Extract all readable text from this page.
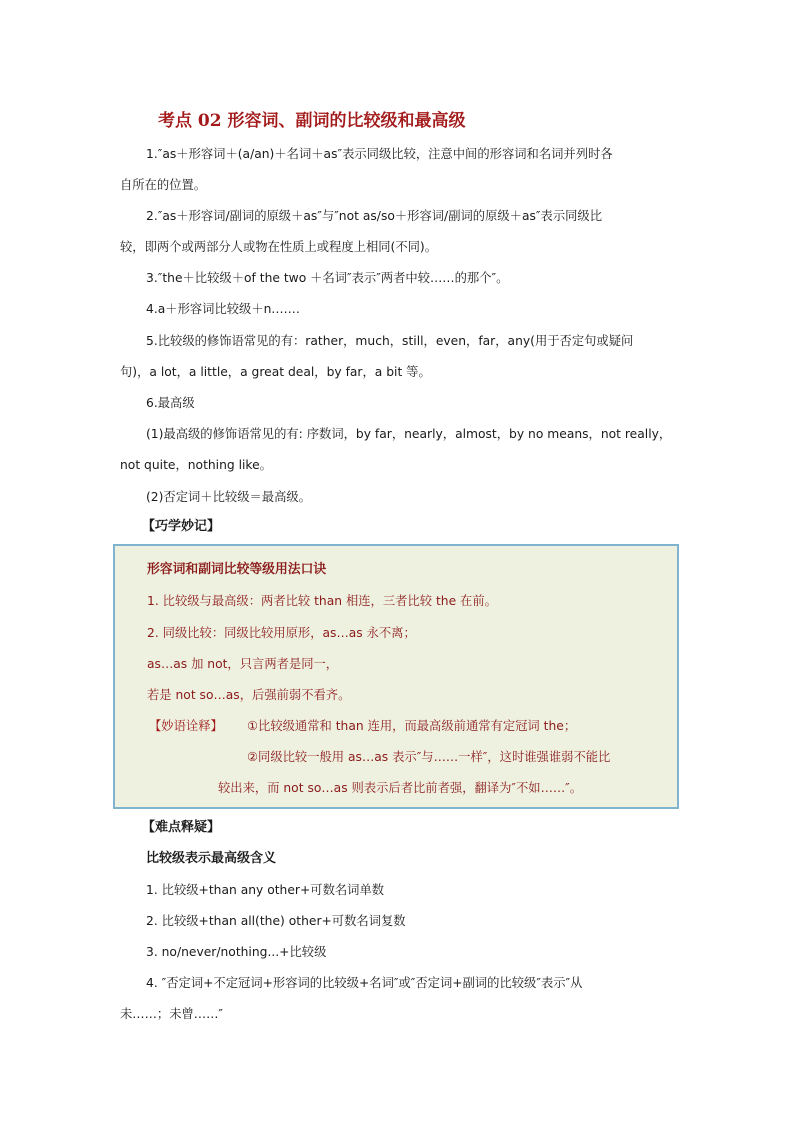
考点 02 形容词、副词的比较级和最高级
1.″as＋形容词＋(a/an)＋名词＋as″表示同级比较，注意中间的形容词和名词并列时各
自所在的位置。
2.″as＋形容词/副词的原级＋as″与″not as/so＋形容词/副词的原级＋as″表示同级比
较，即两个或两部分人或物在性质上或程度上相同(不同)。
3.″the＋比较级＋of the two ＋名词″表示″两者中较……的那个″。
4.a＋形容词比较级＋n.……
5.比较级的修饰语常见的有：rather，much，still，even，far，any(用于否定句或疑问
句)，a lot，a little，a great deal，by far，a bit 等。
6.最高级
(1)最高级的修饰语常见的有: 序数词，by far，nearly，almost，by no means，not really，
not quite，nothing like。
(2)否定词＋比较级＝最高级。
【巧学妙记】
形容词和副词比较等级用法口诀
1. 比较级与最高级：两者比较 than 相连，三者比较 the 在前。
2. 同级比较：同级比较用原形，as…as 永不离；
as…as 加 not，只言两者是同一，
若是 not so…as，后强前弱不看齐。
【妙语诠释】 ①比较级通常和 than 连用，而最高级前通常有定冠词 the；
②同级比较一般用 as…as 表示″与……一样″，这时谁强谁弱不能比
较出来，而 not so…as 则表示后者比前者强，翻译为″不如……″。
【难点释疑】
比较级表示最高级含义
1. 比较级+than any other+可数名词单数
2. 比较级+than all(the) other+可数名词复数
3. no/never/nothing...+比较级
4. ″否定词+不定冠词+形容词的比较级+名词″或″否定词+副词的比较级″表示″从
未……；未曾……″
